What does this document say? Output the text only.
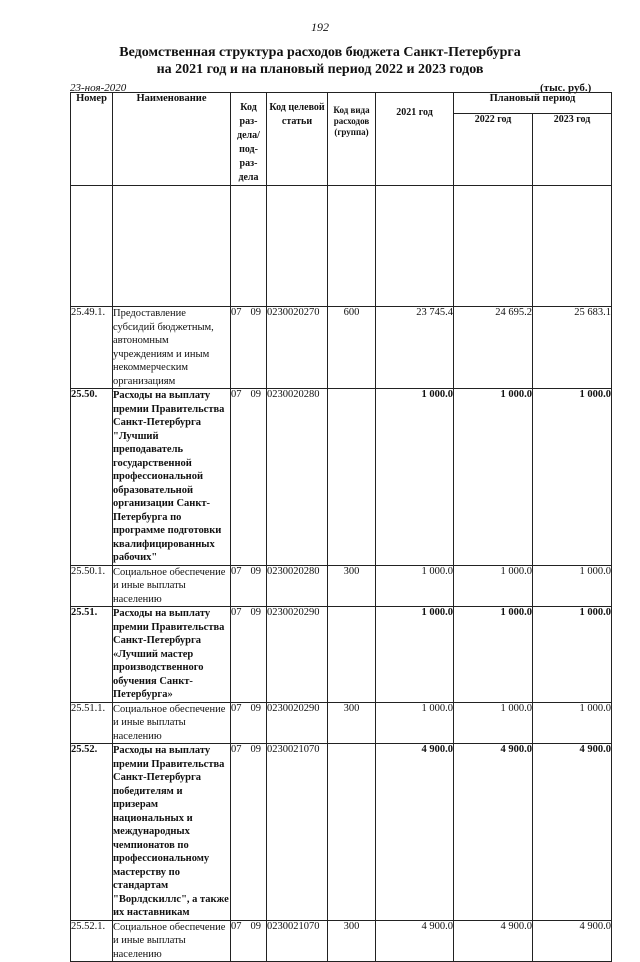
192
Ведомственная структура расходов бюджета Санкт-Петербурга
на 2021 год и на плановый период 2022 и 2023 годов
23-ноя-2020	(тыс. руб.)
Номер	Наименование	Код раз-дела/ под-раз-дела	Код целевой статьи	Код вида расходов (группа)	2021 год	Плановый период	
						2022 год	2023 год

25.49.1.	Предоставление субсидий бюджетным, автономным учреждениям и иным некоммерческим организациям	07 09	0230020270	600	23 745.4	24 695.2	25 683.1
25.50.	Расходы на выплату премии Правительства Санкт-Петербурга "Лучший преподаватель государственной профессиональной образовательной организации Санкт-Петербурга по программе подготовки квалифицированных рабочих"	07 09	0230020280		1 000.0	1 000.0	1 000.0
25.50.1.	Социальное обеспечение и иные выплаты населению	07 09	0230020280	300	1 000.0	1 000.0	1 000.0
25.51.	Расходы на выплату премии Правительства Санкт-Петербурга «Лучший мастер производственного обучения Санкт-Петербурга»	07 09	0230020290		1 000.0	1 000.0	1 000.0
25.51.1.	Социальное обеспечение и иные выплаты населению	07 09	0230020290	300	1 000.0	1 000.0	1 000.0
25.52.	Расходы на выплату премии Правительства Санкт-Петербурга победителям и призерам национальных и международных чемпионатов по профессиональному мастерству по стандартам "Ворлдскиллс", а также их наставникам	07 09	0230021070		4 900.0	4 900.0	4 900.0
25.52.1.	Социальное обеспечение и иные выплаты населению	07 09	0230021070	300	4 900.0	4 900.0	4 900.0
